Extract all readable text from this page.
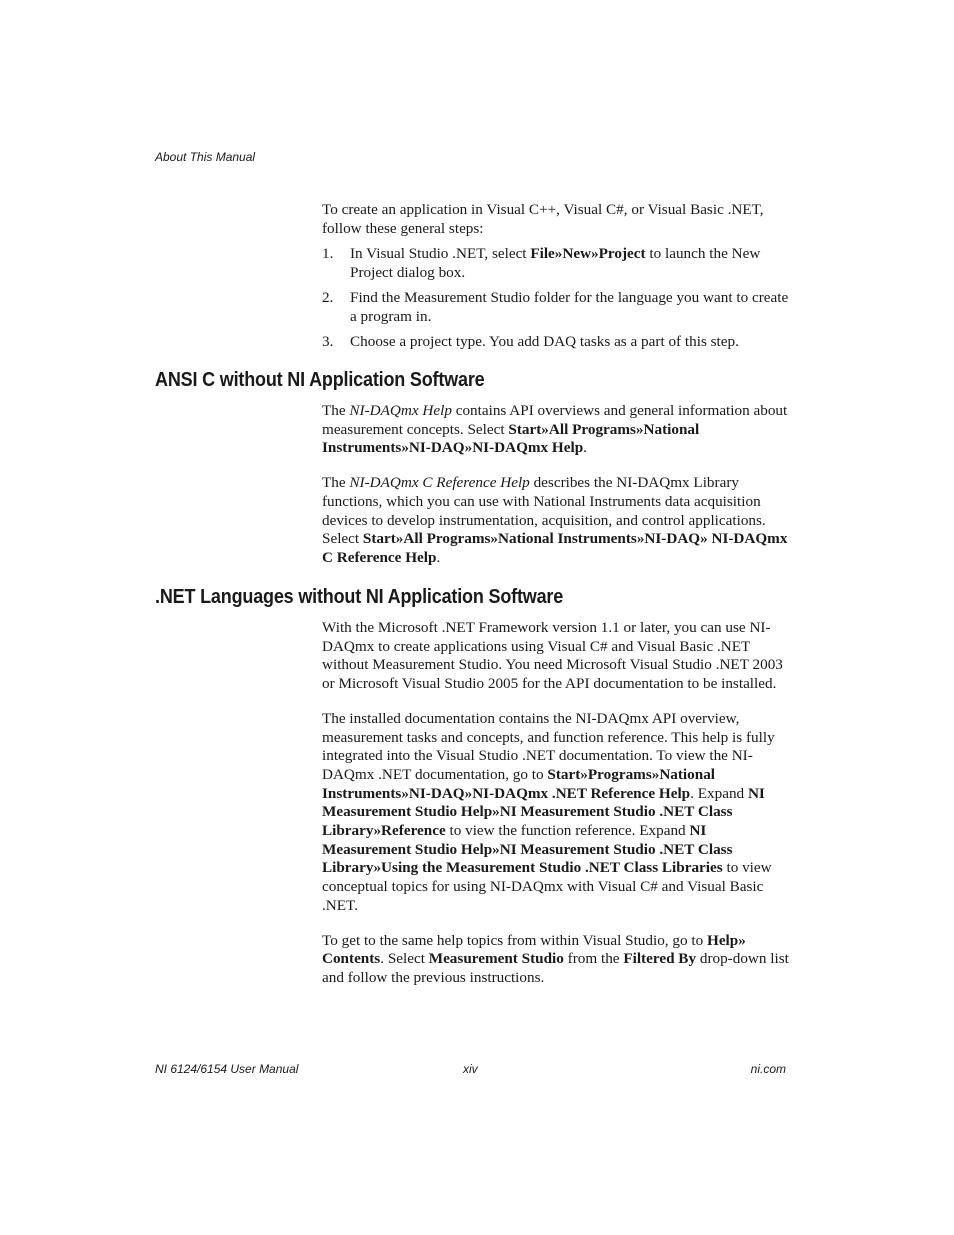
About This Manual

To create an application in Visual C++, Visual C#, or Visual Basic .NET, follow these general steps:

1.	In Visual Studio .NET, select File»New»Project to launch the New Project dialog box.
2.	Find the Measurement Studio folder for the language you want to create a program in.
3.	Choose a project type. You add DAQ tasks as a part of this step.
ANSI C without NI Application Software

The NI-DAQmx Help contains API overviews and general information about measurement concepts. Select Start»All Programs»National Instruments»NI-DAQ»NI-DAQmx Help.

The NI-DAQmx C Reference Help describes the NI-DAQmx Library functions, which you can use with National Instruments data acquisition devices to develop instrumentation, acquisition, and control applications. Select Start»All Programs»National Instruments»NI-DAQ» NI-DAQmx C Reference Help.

.NET Languages without NI Application Software

With the Microsoft .NET Framework version 1.1 or later, you can use NI-DAQmx to create applications using Visual C# and Visual Basic .NET without Measurement Studio. You need Microsoft Visual Studio .NET 2003 or Microsoft Visual Studio 2005 for the API documentation to be installed.

The installed documentation contains the NI-DAQmx API overview, measurement tasks and concepts, and function reference. This help is fully integrated into the Visual Studio .NET documentation. To view the NI-DAQmx .NET documentation, go to Start»Programs»National Instruments»NI-DAQ»NI-DAQmx .NET Reference Help. Expand NI Measurement Studio Help»NI Measurement Studio .NET Class Library»Reference to view the function reference. Expand NI Measurement Studio Help»NI Measurement Studio .NET Class Library»Using the Measurement Studio .NET Class Libraries to view conceptual topics for using NI-DAQmx with Visual C# and Visual Basic .NET.

To get to the same help topics from within Visual Studio, go to Help» Contents. Select Measurement Studio from the Filtered By drop-down list and follow the previous instructions.

NI 6124/6154 User Manual	xiv	ni.com
